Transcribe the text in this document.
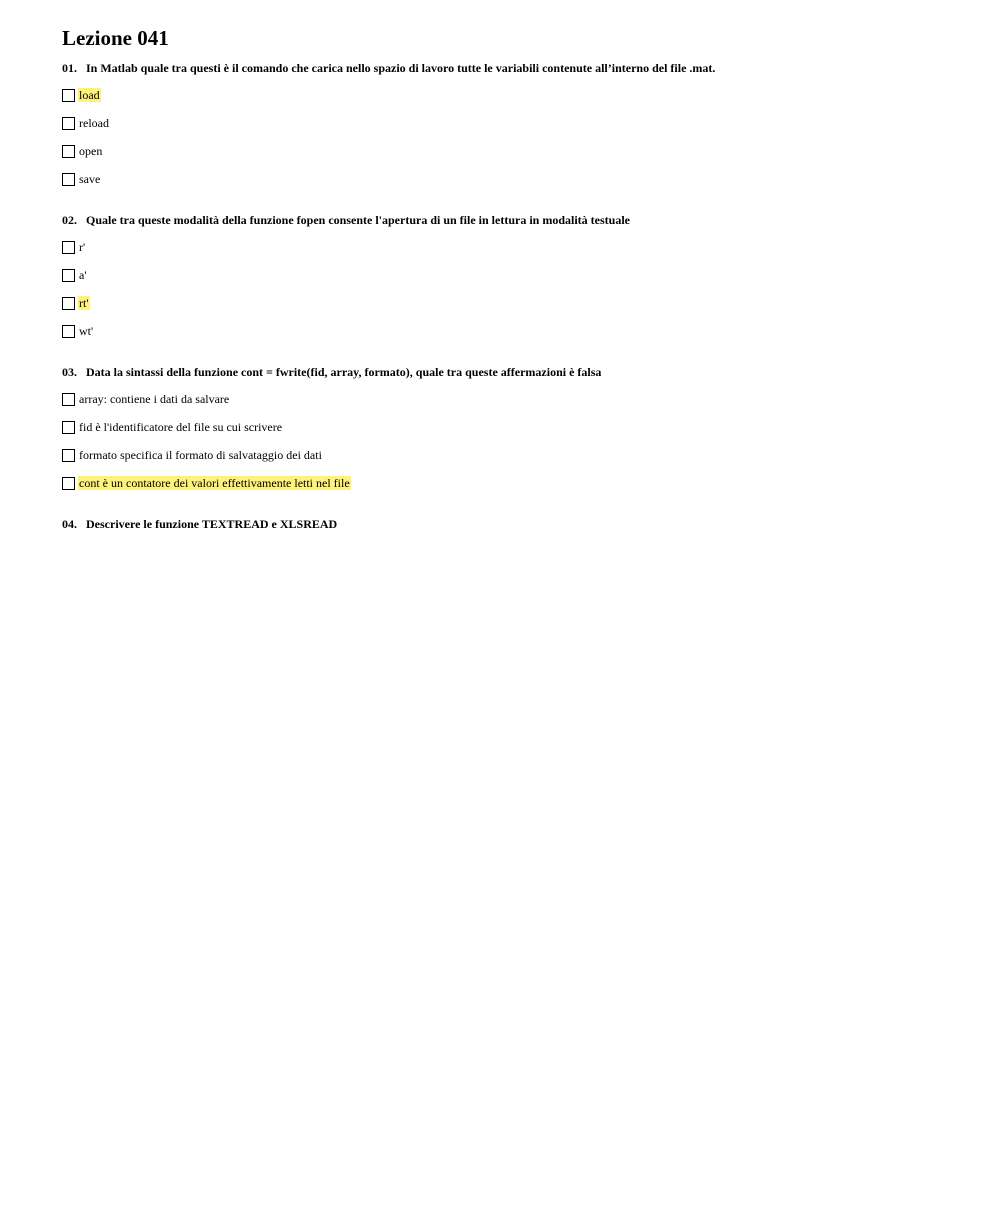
Lezione 041
01. In Matlab quale tra questi è il comando che carica nello spazio di lavoro tutte le variabili contenute all’interno del file .mat.
load
reload
open
save
02. Quale tra queste modalità della funzione fopen consente l'apertura di un file in lettura in modalità testuale
r'
a'
rt'
wt'
03. Data la sintassi della funzione cont = fwrite(fid, array, formato), quale tra queste affermazioni è falsa
array: contiene i dati da salvare
fid è l'identificatore del file su cui scrivere
formato specifica il formato di salvataggio dei dati
cont è un contatore dei valori effettivamente letti nel file
04. Descrivere le funzione TEXTREAD e XLSREAD
